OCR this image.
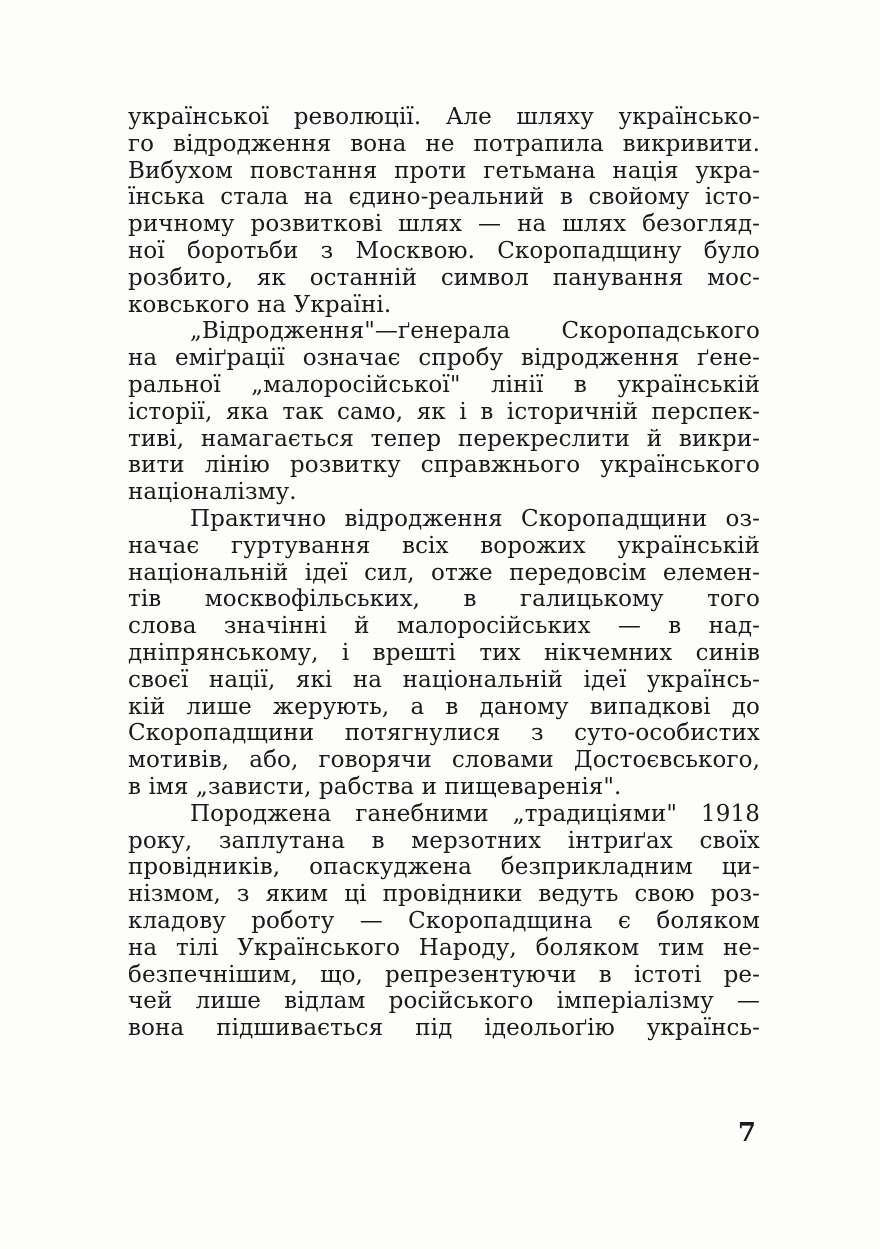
української революції. Але шляху українсько-
го відродження вона не потрапила викривити.
Вибухом повстання проти гетьмана нація укра-
їнська стала на єдино-реальний в свойому істо-
ричному розвиткові шлях — на шлях безогляд-
ної боротьби з Москвою. Скоропадщину було
розбито, як останній символ панування мос-
ковського на Україні.
„Відродження"—ґенерала Скоропадського
на еміґрації означає спробу відродження ґене-
ральної „малоросійської" лінії в українській
історії, яка так само, як і в історичній перспек-
тиві, намагається тепер перекреслити й викри-
вити лінію розвитку справжнього українського
націоналізму.
Практично відродження Скоропадщини оз-
начає гуртування всіх ворожих українській
національній ідеї сил, отже передовсім елемен-
тів москвофільських, в галицькому того
слова значінні й малоросійських — в над-
дніпрянському, і врешті тих нікчемних синів
своєї нації, які на національній ідеї українсь-
кій лише жерують, а в даному випадкові до
Скоропадщини потягнулися з суто-особистих
мотивів, або, говорячи словами Достоєвського,
в імя „зависти, рабства и пищеваренія".
Породжена ганебними „традиціями" 1918
року, заплутана в мерзотних інтриґах своїх
провідників, опаскуджена безприкладним ци-
нізмом, з яким ці провідники ведуть свою роз-
кладову роботу — Скоропадщина є боляком
на тілі Українського Народу, боляком тим не-
безпечнішим, що, репрезентуючи в істоті ре-
чей лише відлам російського імперіалізму —
вона підшивається під ідеольоґію українсь-
7
